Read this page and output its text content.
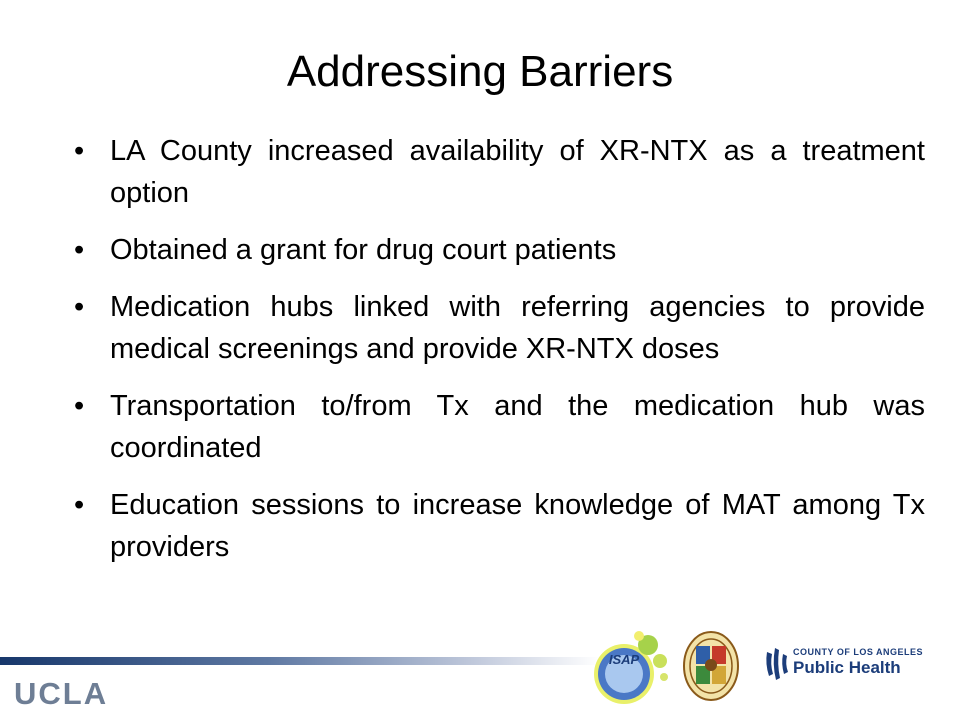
Addressing Barriers
• LA County increased availability of XR-NTX as a treatment option
• Obtained a grant for drug court patients
• Medication hubs linked with referring agencies to provide medical screenings and provide XR-NTX doses
• Transportation to/from Tx and the medication hub was coordinated
• Education sessions to increase knowledge of MAT among Tx providers
UCLA
ISAP	COUNTY OF LOS ANGELES
Public Health
